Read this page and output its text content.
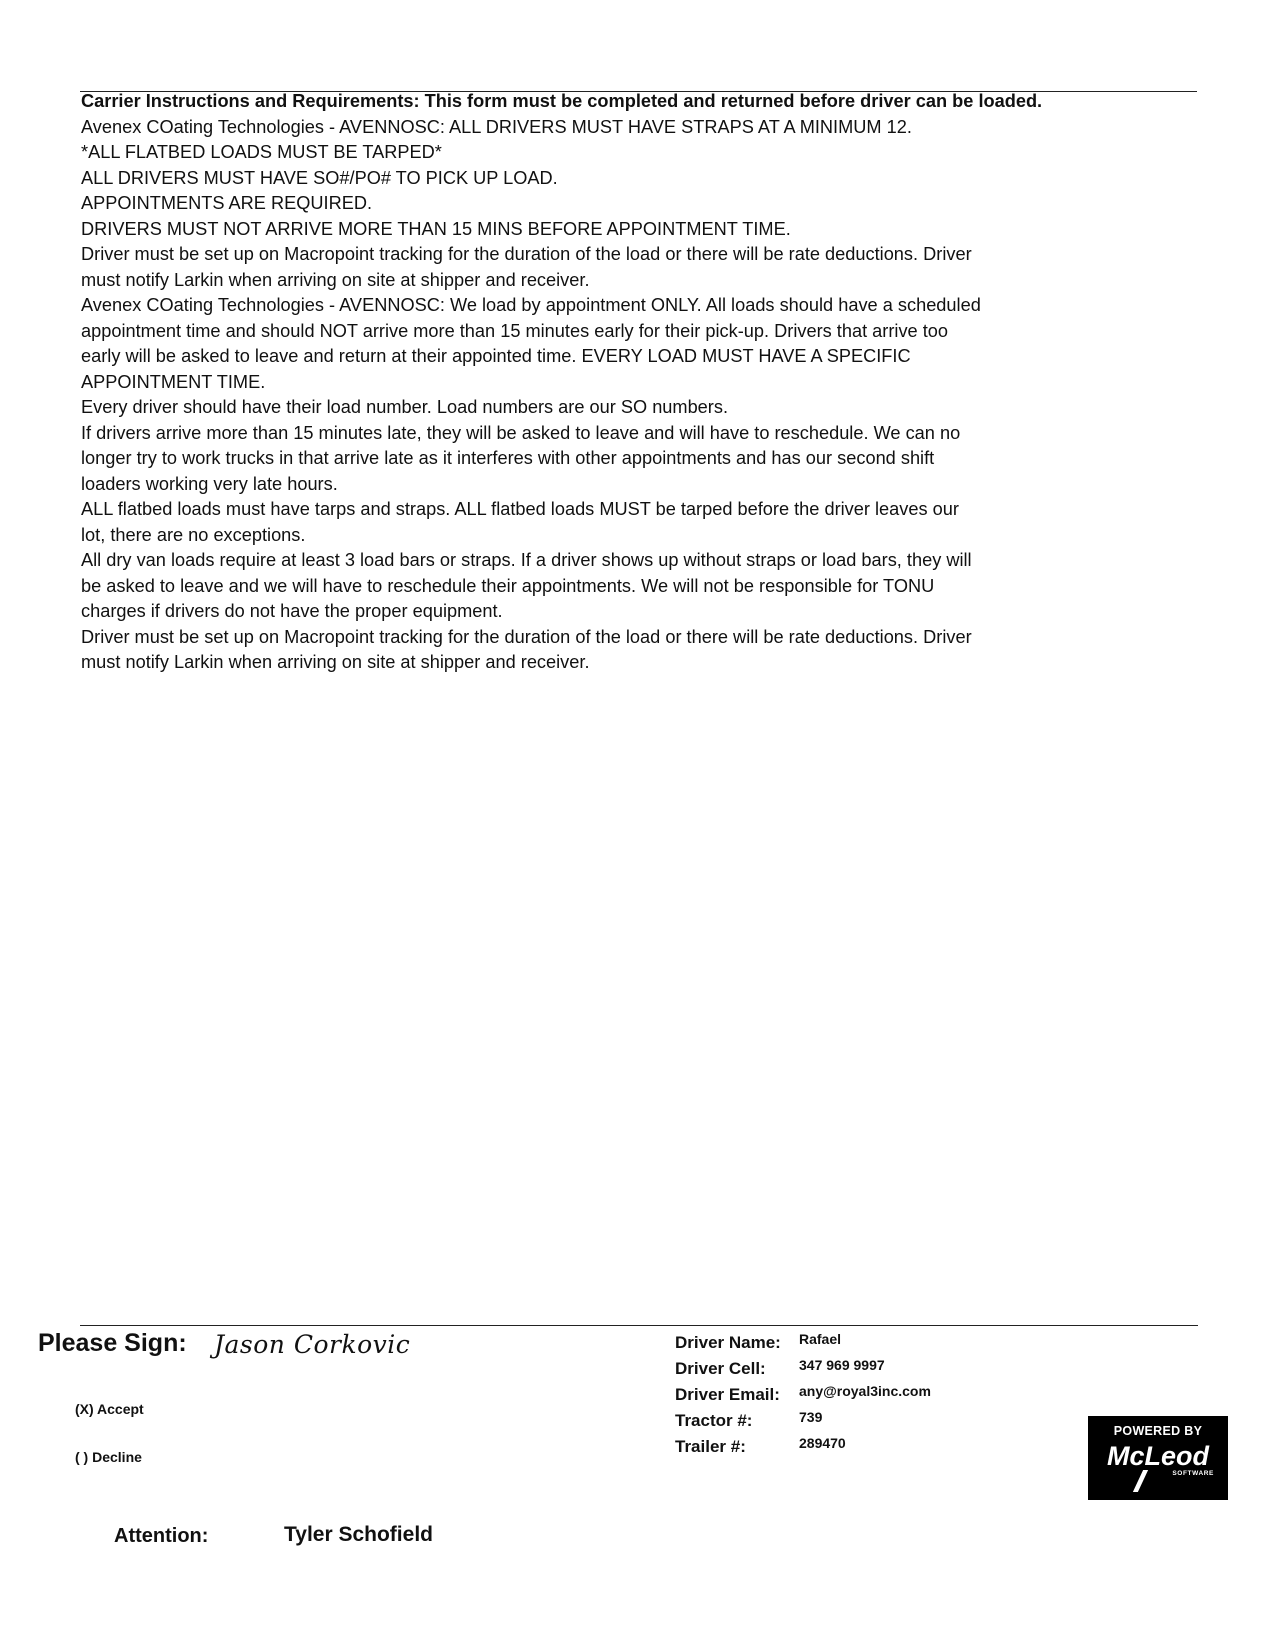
Carrier Instructions and Requirements: This form must be completed and returned before driver can be loaded.
Avenex COating Technologies - AVENNOSC: ALL DRIVERS MUST HAVE STRAPS AT A MINIMUM 12.
*ALL FLATBED LOADS MUST BE TARPED*
ALL DRIVERS MUST HAVE SO#/PO# TO PICK UP LOAD.
APPOINTMENTS ARE REQUIRED.
DRIVERS MUST NOT ARRIVE MORE THAN 15 MINS BEFORE APPOINTMENT TIME.
Driver must be set up on Macropoint tracking for the duration of the load or there will be rate deductions. Driver
must notify Larkin when arriving on site at shipper and receiver.
Avenex COating Technologies - AVENNOSC: We load by appointment ONLY. All loads should have a scheduled
appointment time and should NOT arrive more than 15 minutes early for their pick-up. Drivers that arrive too
early will be asked to leave and return at their appointed time. EVERY LOAD MUST HAVE A SPECIFIC
APPOINTMENT TIME.
Every driver should have their load number. Load numbers are our SO numbers.
If drivers arrive more than 15 minutes late, they will be asked to leave and will have to reschedule. We can no
longer try to work trucks in that arrive late as it interferes with other appointments and has our second shift
loaders working very late hours.
ALL flatbed loads must have tarps and straps. ALL flatbed loads MUST be tarped before the driver leaves our
lot, there are no exceptions.
All dry van loads require at least 3 load bars or straps. If a driver shows up without straps or load bars, they will
be asked to leave and we will have to reschedule their appointments. We will not be responsible for TONU
charges if drivers do not have the proper equipment.
Driver must be set up on Macropoint tracking for the duration of the load or there will be rate deductions. Driver
must notify Larkin when arriving on site at shipper and receiver.
Please Sign: Jason Corkovic
(X) Accept
( ) Decline
Driver Name: Rafael
Driver Cell: 347 969 9997
Driver Email: any@royal3inc.com
Tractor #:	739
Trailer #:	289470
POWERED BY
McLeod
SOFTWARE
Attention:	Tyler Schofield
